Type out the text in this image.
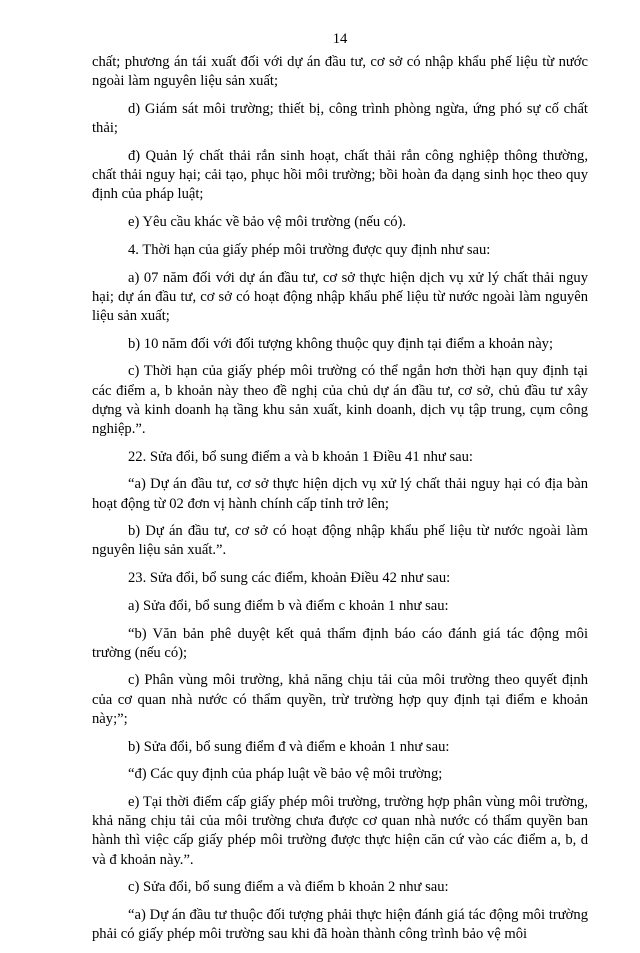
14

chất; phương án tái xuất đối với dự án đầu tư, cơ sở có nhập khẩu phế liệu từ nước ngoài làm nguyên liệu sản xuất;

d) Giám sát môi trường; thiết bị, công trình phòng ngừa, ứng phó sự cố chất thải;

đ) Quản lý chất thải rắn sinh hoạt, chất thải rắn công nghiệp thông thường, chất thải nguy hại; cải tạo, phục hồi môi trường; bồi hoàn đa dạng sinh học theo quy định của pháp luật;

e) Yêu cầu khác về bảo vệ môi trường (nếu có).

4. Thời hạn của giấy phép môi trường được quy định như sau:

a) 07 năm đối với dự án đầu tư, cơ sở thực hiện dịch vụ xử lý chất thải nguy hại; dự án đầu tư, cơ sở có hoạt động nhập khẩu phế liệu từ nước ngoài làm nguyên liệu sản xuất;

b) 10 năm đối với đối tượng không thuộc quy định tại điểm a khoản này;

c) Thời hạn của giấy phép môi trường có thể ngắn hơn thời hạn quy định tại các điểm a, b khoản này theo đề nghị của chủ dự án đầu tư, cơ sở, chủ đầu tư xây dựng và kinh doanh hạ tầng khu sản xuất, kinh doanh, dịch vụ tập trung, cụm công nghiệp.”.

22. Sửa đổi, bổ sung điểm a và b khoản 1 Điều 41 như sau:

“a) Dự án đầu tư, cơ sở thực hiện dịch vụ xử lý chất thải nguy hại có địa bàn hoạt động từ 02 đơn vị hành chính cấp tỉnh trở lên;

b) Dự án đầu tư, cơ sở có hoạt động nhập khẩu phế liệu từ nước ngoài làm nguyên liệu sản xuất.”.

23. Sửa đổi, bổ sung các điểm, khoản Điều 42 như sau:

a) Sửa đổi, bổ sung điểm b và điểm c khoản 1 như sau:

“b) Văn bản phê duyệt kết quả thẩm định báo cáo đánh giá tác động môi trường (nếu có);

c) Phân vùng môi trường, khả năng chịu tải của môi trường theo quyết định của cơ quan nhà nước có thẩm quyền, trừ trường hợp quy định tại điểm e khoản này;”;

b) Sửa đổi, bổ sung điểm đ và điểm e khoản 1 như sau:

“đ) Các quy định của pháp luật về bảo vệ môi trường;

e) Tại thời điểm cấp giấy phép môi trường, trường hợp phân vùng môi trường, khả năng chịu tải của môi trường chưa được cơ quan nhà nước có thẩm quyền ban hành thì việc cấp giấy phép môi trường được thực hiện căn cứ vào các điểm a, b, d và đ khoản này.”.

c) Sửa đổi, bổ sung điểm a và điểm b khoản 2 như sau:

“a) Dự án đầu tư thuộc đối tượng phải thực hiện đánh giá tác động môi trường phải có giấy phép môi trường sau khi đã hoàn thành công trình bảo vệ môi
